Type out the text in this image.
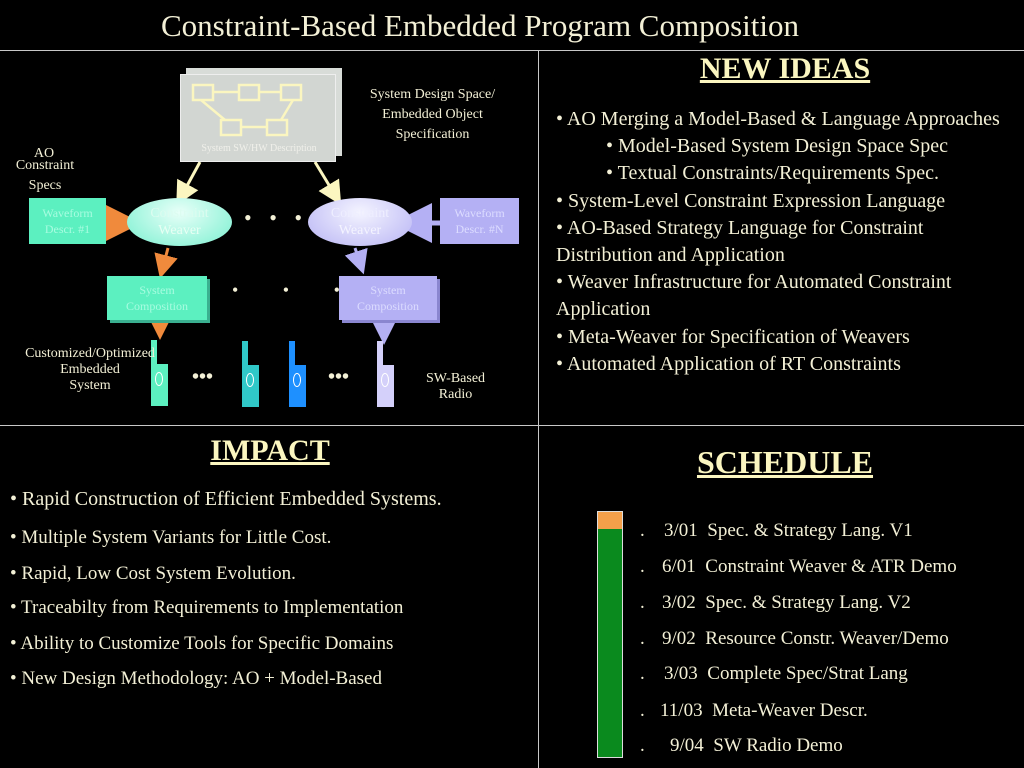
Constraint-Based Embedded Program Composition
System SW/HW Description
System Design Space/
Embedded Object
Specification
AO
Constraint
Specs
Waveform
Descr. #1
Waveform
Descr. #N
Constraint
Weaver
Constraint
Weaver
• • •
System
Composition
System
Composition
• • •
•••	•••
Customized/Optimized
Embedded
System	SW-Based
Radio
NEW IDEAS
• AO Merging a Model-Based & Language Approaches
• Model-Based System Design Space Spec
• Textual Constraints/Requirements Spec.
• System-Level Constraint Expression Language
• AO-Based Strategy Language for Constraint Distribution and Application
• Weaver Infrastructure for Automated Constraint Application
• Meta-Weaver for Specification of Weavers
• Automated Application of RT Constraints
IMPACT
• Rapid Construction of Efficient Embedded Systems.
• Multiple System Variants for Little Cost.
• Rapid, Low Cost System Evolution.
• Traceabilty from Requirements to Implementation
• Ability to Customize Tools for Specific Domains
• New Design Methodology: AO + Model-Based
SCHEDULE
. 3/01 Spec. & Strategy Lang. V1
. 6/01 Constraint Weaver & ATR Demo
. 3/02 Spec. & Strategy Lang. V2
. 9/02 Resource Constr. Weaver/Demo
. 3/03 Complete Spec/Strat Lang
. 11/03 Meta-Weaver Descr.
. 9/04 SW Radio Demo
